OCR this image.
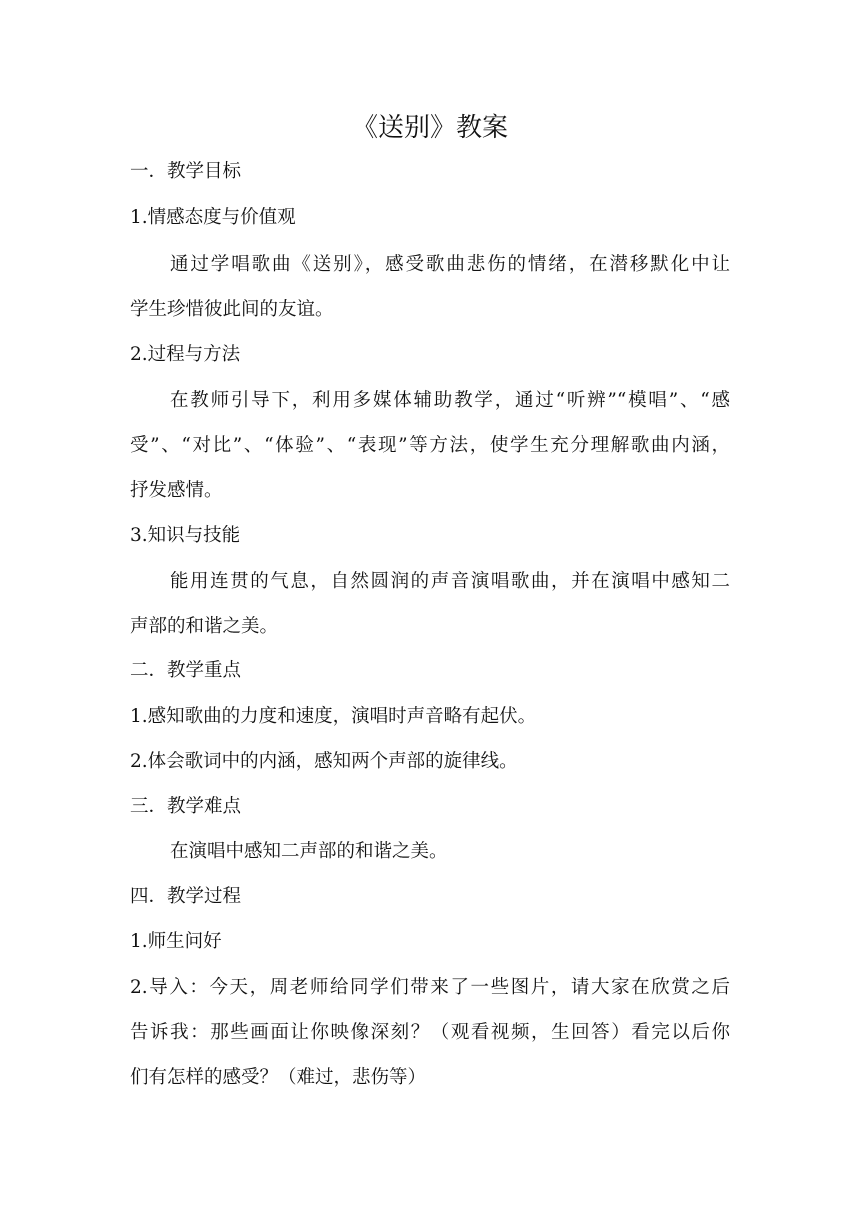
《送别》教案

一．教学目标

1.情感态度与价值观

通过学唱歌曲《送别》，感受歌曲悲伤的情绪，在潜移默化中让

学生珍惜彼此间的友谊。

2.过程与方法

在教师引导下，利用多媒体辅助教学，通过“听辨”“模唱”、“感

受”、“对比”、“体验”、“表现”等方法，使学生充分理解歌曲内涵，

抒发感情。

3.知识与技能

能用连贯的气息，自然圆润的声音演唱歌曲，并在演唱中感知二

声部的和谐之美。

二．教学重点

1.感知歌曲的力度和速度，演唱时声音略有起伏。

2.体会歌词中的内涵，感知两个声部的旋律线。

三．教学难点

在演唱中感知二声部的和谐之美。

四．教学过程

1.师生问好

2.导入：今天，周老师给同学们带来了一些图片，请大家在欣赏之后

告诉我：那些画面让你映像深刻？（观看视频，生回答）看完以后你

们有怎样的感受？（难过，悲伤等）
